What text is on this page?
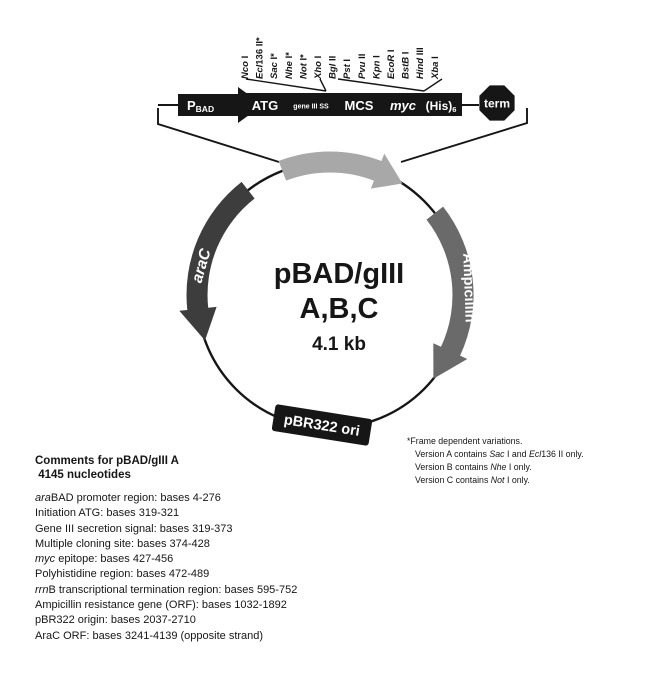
Nco I
Ecl136 II*
Sac I*
Nhe I*
Not I*
Xho I
Bgl II
Pst I Pvu II
Kpn I EcoR I
BstB I
Hind III
Xba I
PBAD	ATG gene III SS MCS myc (His)6 term
araC	Ampicillin
pBR322 ori
pBAD/gIII
A,B,C
4.1 kb
*Frame dependent variations.
Version A contains Sac I and Ecl136 II only.
Version B contains Nhe I only.
Version C contains Not I only.
Comments for pBAD/gIII A
4145 nucleotides
araBAD promoter region: bases 4-276
Initiation ATG: bases 319-321
Gene III secretion signal: bases 319-373
Multiple cloning site: bases 374-428
myc epitope: bases 427-456
Polyhistidine region: bases 472-489
rrnB transcriptional termination region: bases 595-752
Ampicillin resistance gene (ORF): bases 1032-1892
pBR322 origin: bases 2037-2710
AraC ORF: bases 3241-4139 (opposite strand)
